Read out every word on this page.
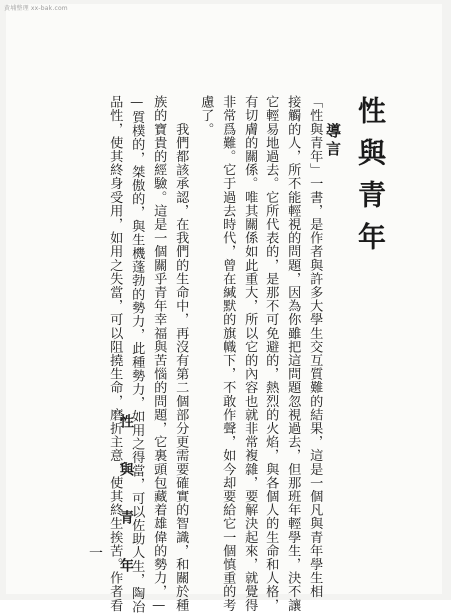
黄埔整理 xx-bak.com
性與青年
導言
「性與青年」一書，是作者與許多大學生交互質難的結果，這是一個凡與青年學生相
接觸的人，所不能輕視的問題，因為你雖把這問題忽視過去，但那班年輕學生，決不讓
它輕易地過去。它所代表的，是那不可免避的，熱烈的火焰，與各個人的生命和人格，
有切膚的關係。唯其關係如此重大，所以它的內容也就非常複雜，要解決起來，就覺得
非常爲難。它于過去時代，曾在緘默的旗幟下，不敢作聲，如今却要給它一個慎重的考
慮了。
　　我們都該承認，在我們的生命中，再沒有第二個部分更需要確實的智識，和關於種
族的寶貴的經驗。這是一個關乎青年幸福與苦惱的問題，它裏頭包藏着雄偉的勢力，—
—質樸的，桀傲的，與生機蓬勃的勢力，此種勢力，如用之得當，可以佐助人生，陶冶
品性，使其終身受用，如用之失當，可以阻撓生命，磨折主意，使其終生挨苦。作者看
性與青年
一
